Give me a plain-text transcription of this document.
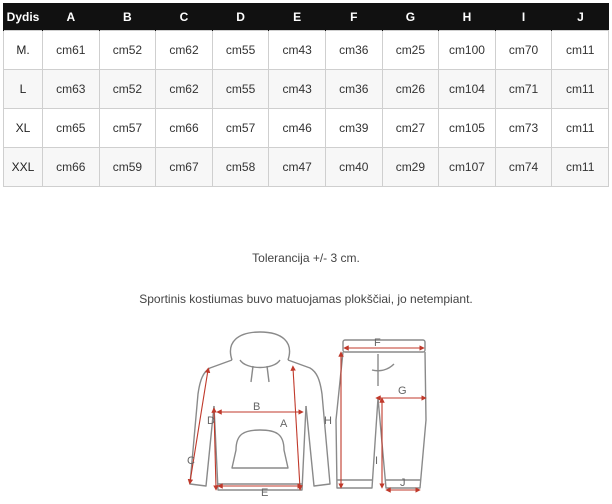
Dydis	A	B	C	D	E	F	G	H	I	J
M.	cm61	cm52	cm62	cm55	cm43	cm36	cm25	cm100	cm70	cm11
L	cm63	cm52	cm62	cm55	cm43	cm36	cm26	cm104	cm71	cm11
XL	cm65	cm57	cm66	cm57	cm46	cm39	cm27	cm105	cm73	cm11
XXL	cm66	cm59	cm67	cm58	cm47	cm40	cm29	cm107	cm74	cm11
Tolerancija +/- 3 cm.
Sportinis kostiumas buvo matuojamas plokščiai, jo netempiant.
A
B
C
D
E
F
G
H
I
J
